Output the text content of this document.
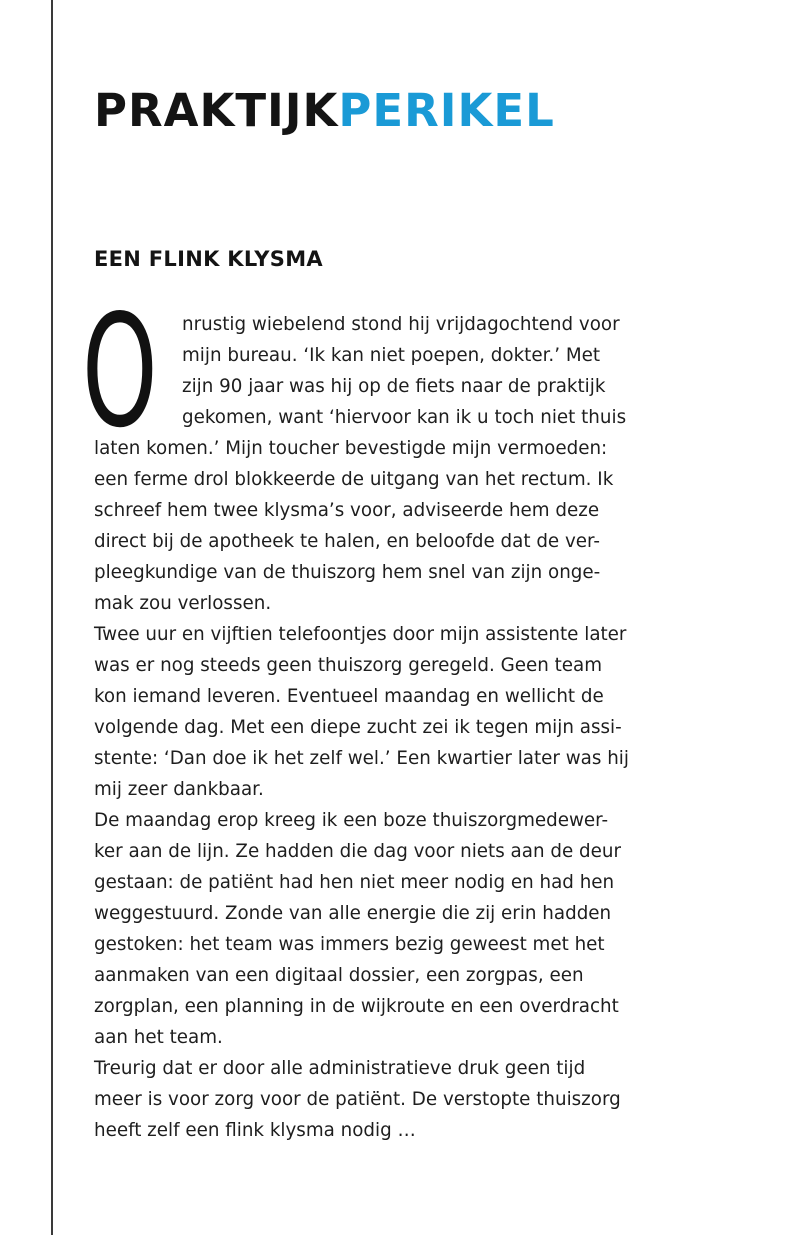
PRAKTIJKPERIKEL
EEN FLINK KLYSMA
O	nrustig wiebelend stond hij vrijdagochtend voor
mijn bureau. ‘Ik kan niet poepen, dokter.’ Met
zijn 90 jaar was hij op de fiets naar de praktijk
gekomen, want ‘hiervoor kan ik u toch niet thuis
laten komen.’ Mijn toucher bevestigde mijn vermoeden:
een ferme drol blokkeerde de uitgang van het rectum. Ik
schreef hem twee klysma’s voor, adviseerde hem deze
direct bij de apotheek te halen, en beloofde dat de ver-
pleegkundige van de thuiszorg hem snel van zijn onge-
mak zou verlossen.
Twee uur en vijftien telefoontjes door mijn assistente later
was er nog steeds geen thuiszorg geregeld. Geen team
kon iemand leveren. Eventueel maandag en wellicht de
volgende dag. Met een diepe zucht zei ik tegen mijn assi-
stente: ‘Dan doe ik het zelf wel.’ Een kwartier later was hij
mij zeer dankbaar.
De maandag erop kreeg ik een boze thuiszorgmedewer-
ker aan de lijn. Ze hadden die dag voor niets aan de deur
gestaan: de patiënt had hen niet meer nodig en had hen
weggestuurd. Zonde van alle energie die zij erin hadden
gestoken: het team was immers bezig geweest met het
aanmaken van een digitaal dossier, een zorgpas, een
zorgplan, een planning in de wijkroute en een overdracht
aan het team.
Treurig dat er door alle administratieve druk geen tijd
meer is voor zorg voor de patiënt. De verstopte thuiszorg
heeft zelf een flink klysma nodig …
